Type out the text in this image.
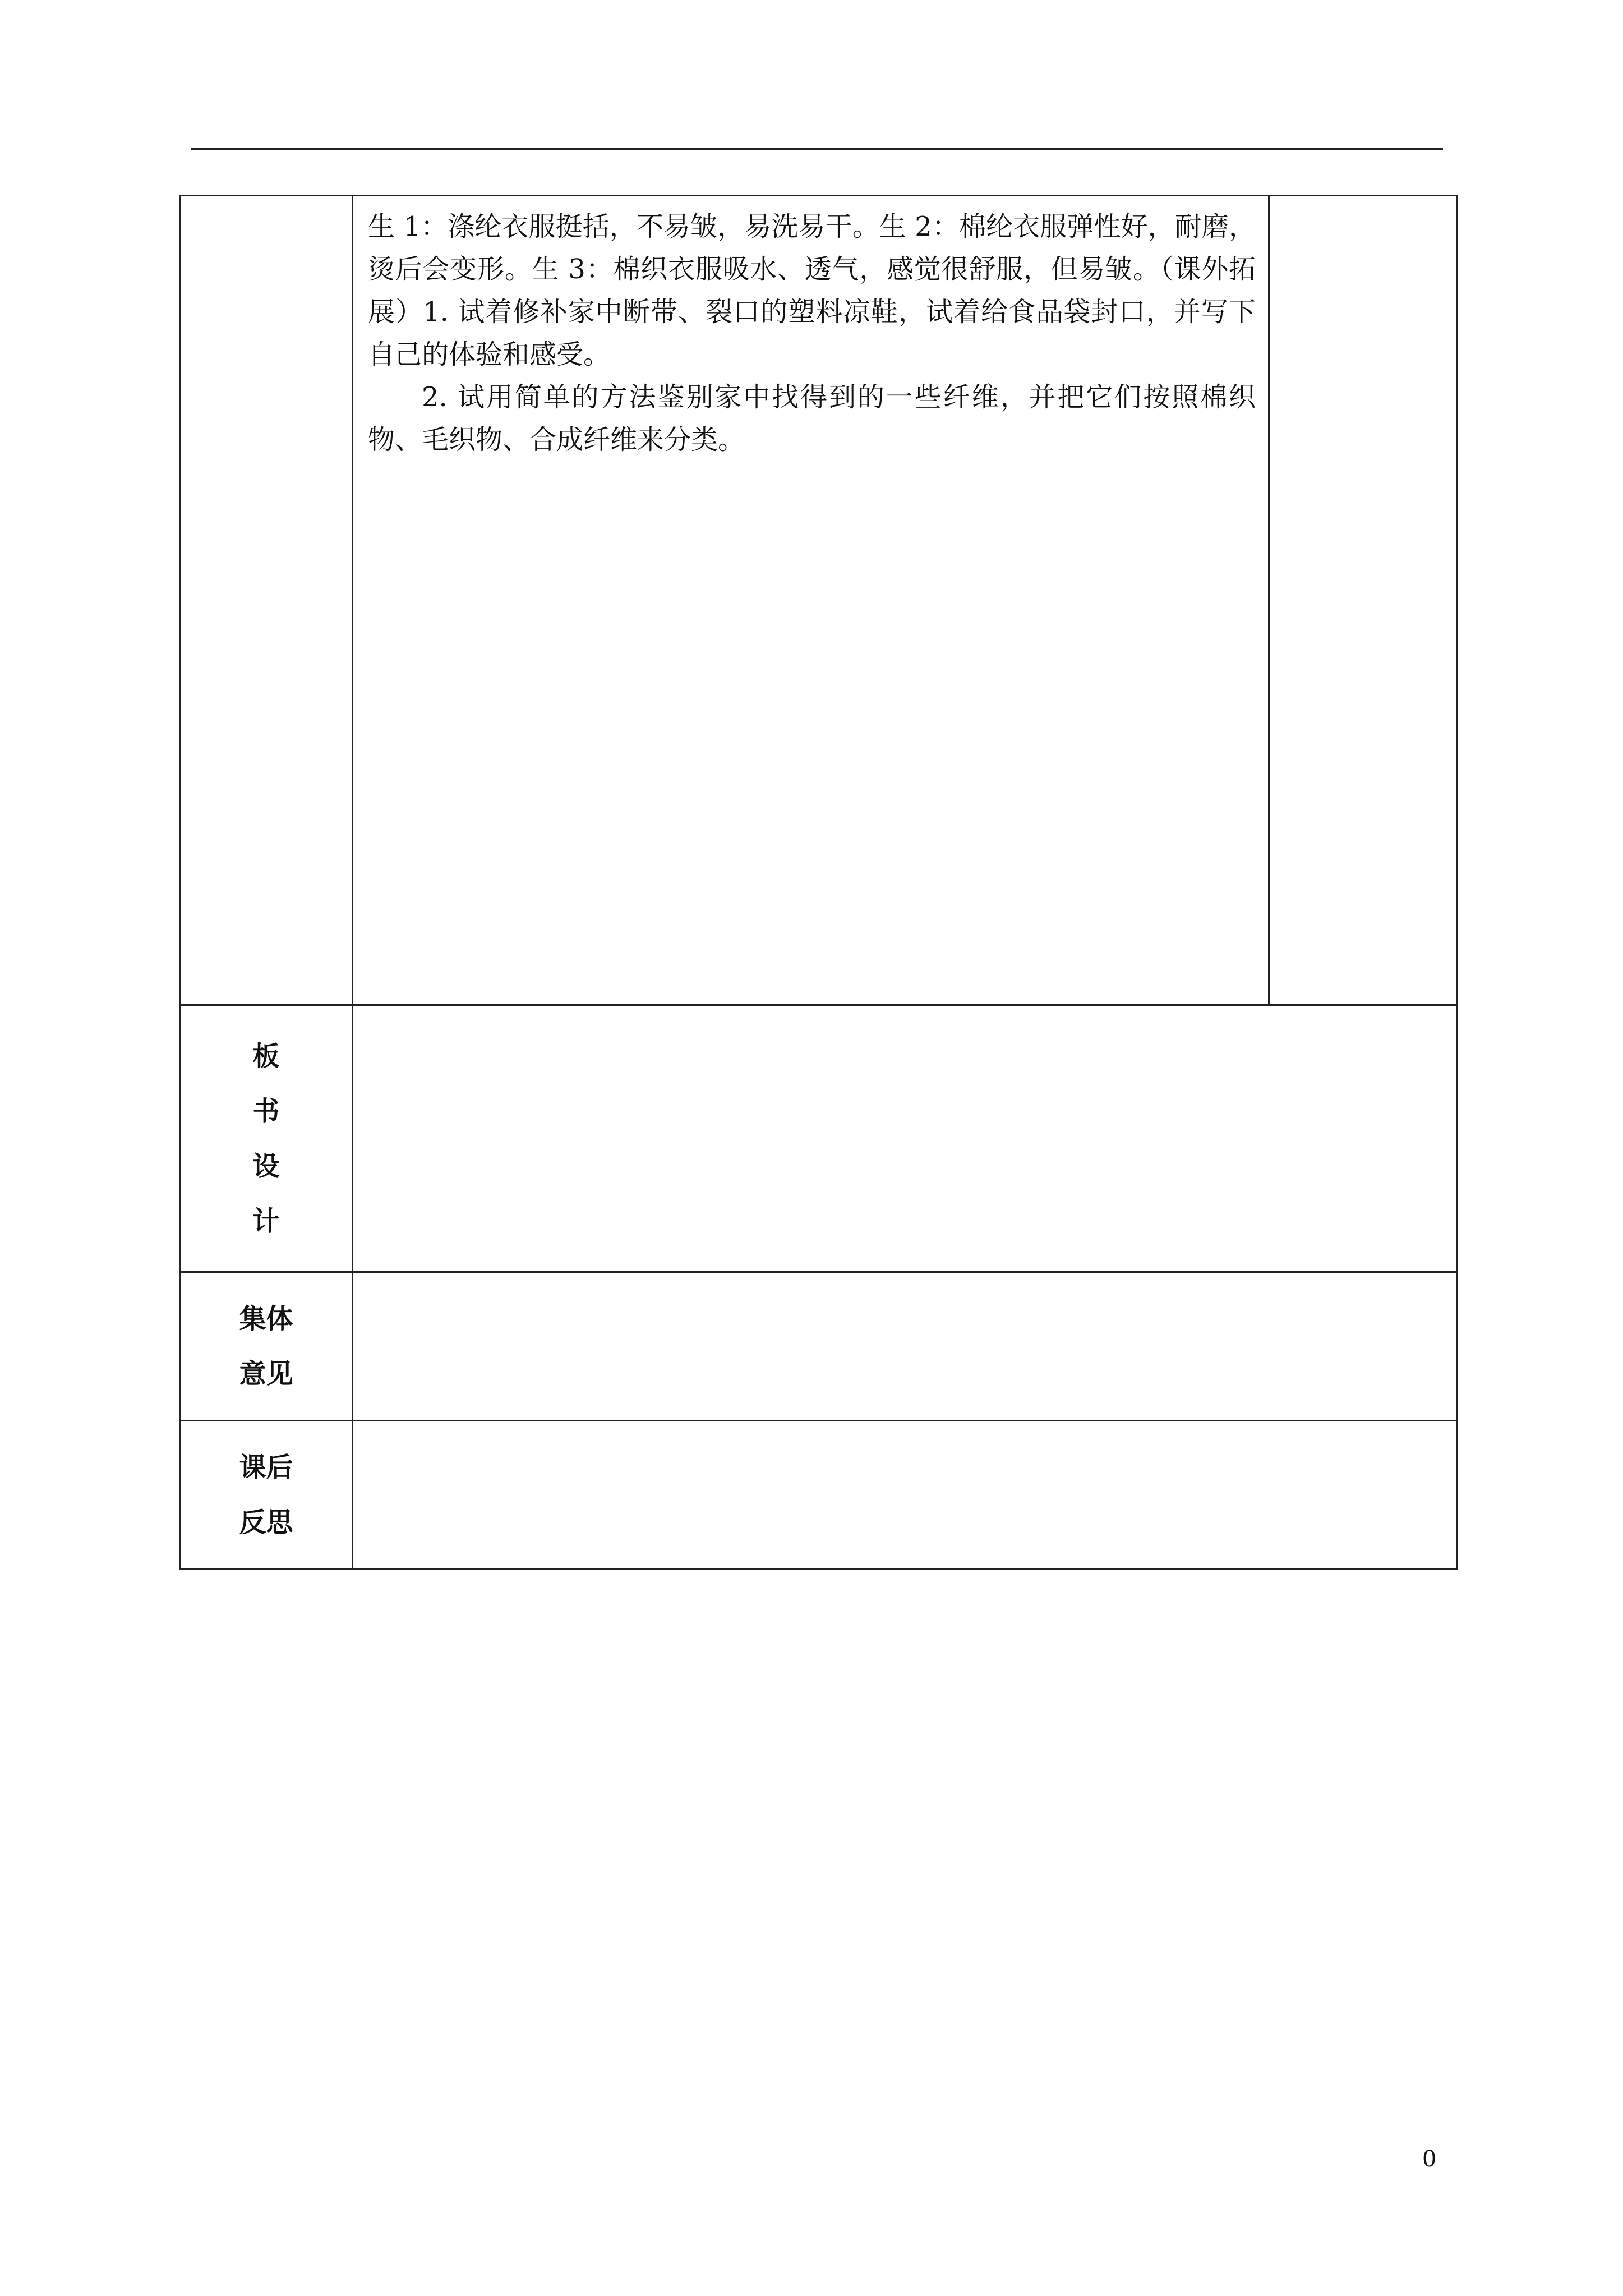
	生 1：涤纶衣服挺括，不易皱，易洗易干。生 2：棉纶衣服弹性好，耐磨，烫后会变形。生 3：棉织衣服吸水、透气，感觉很舒服，但易皱。（课外拓展）1. 试着修补家中断带、裂口的塑料凉鞋，试着给食品袋封口，并写下自己的体验和感受。

2. 试用简单的方法鉴别家中找得到的一些纤维，并把它们按照棉织物、毛织物、合成纤维来分类。	

板书设计		
集体意见		
课后反思		
0
